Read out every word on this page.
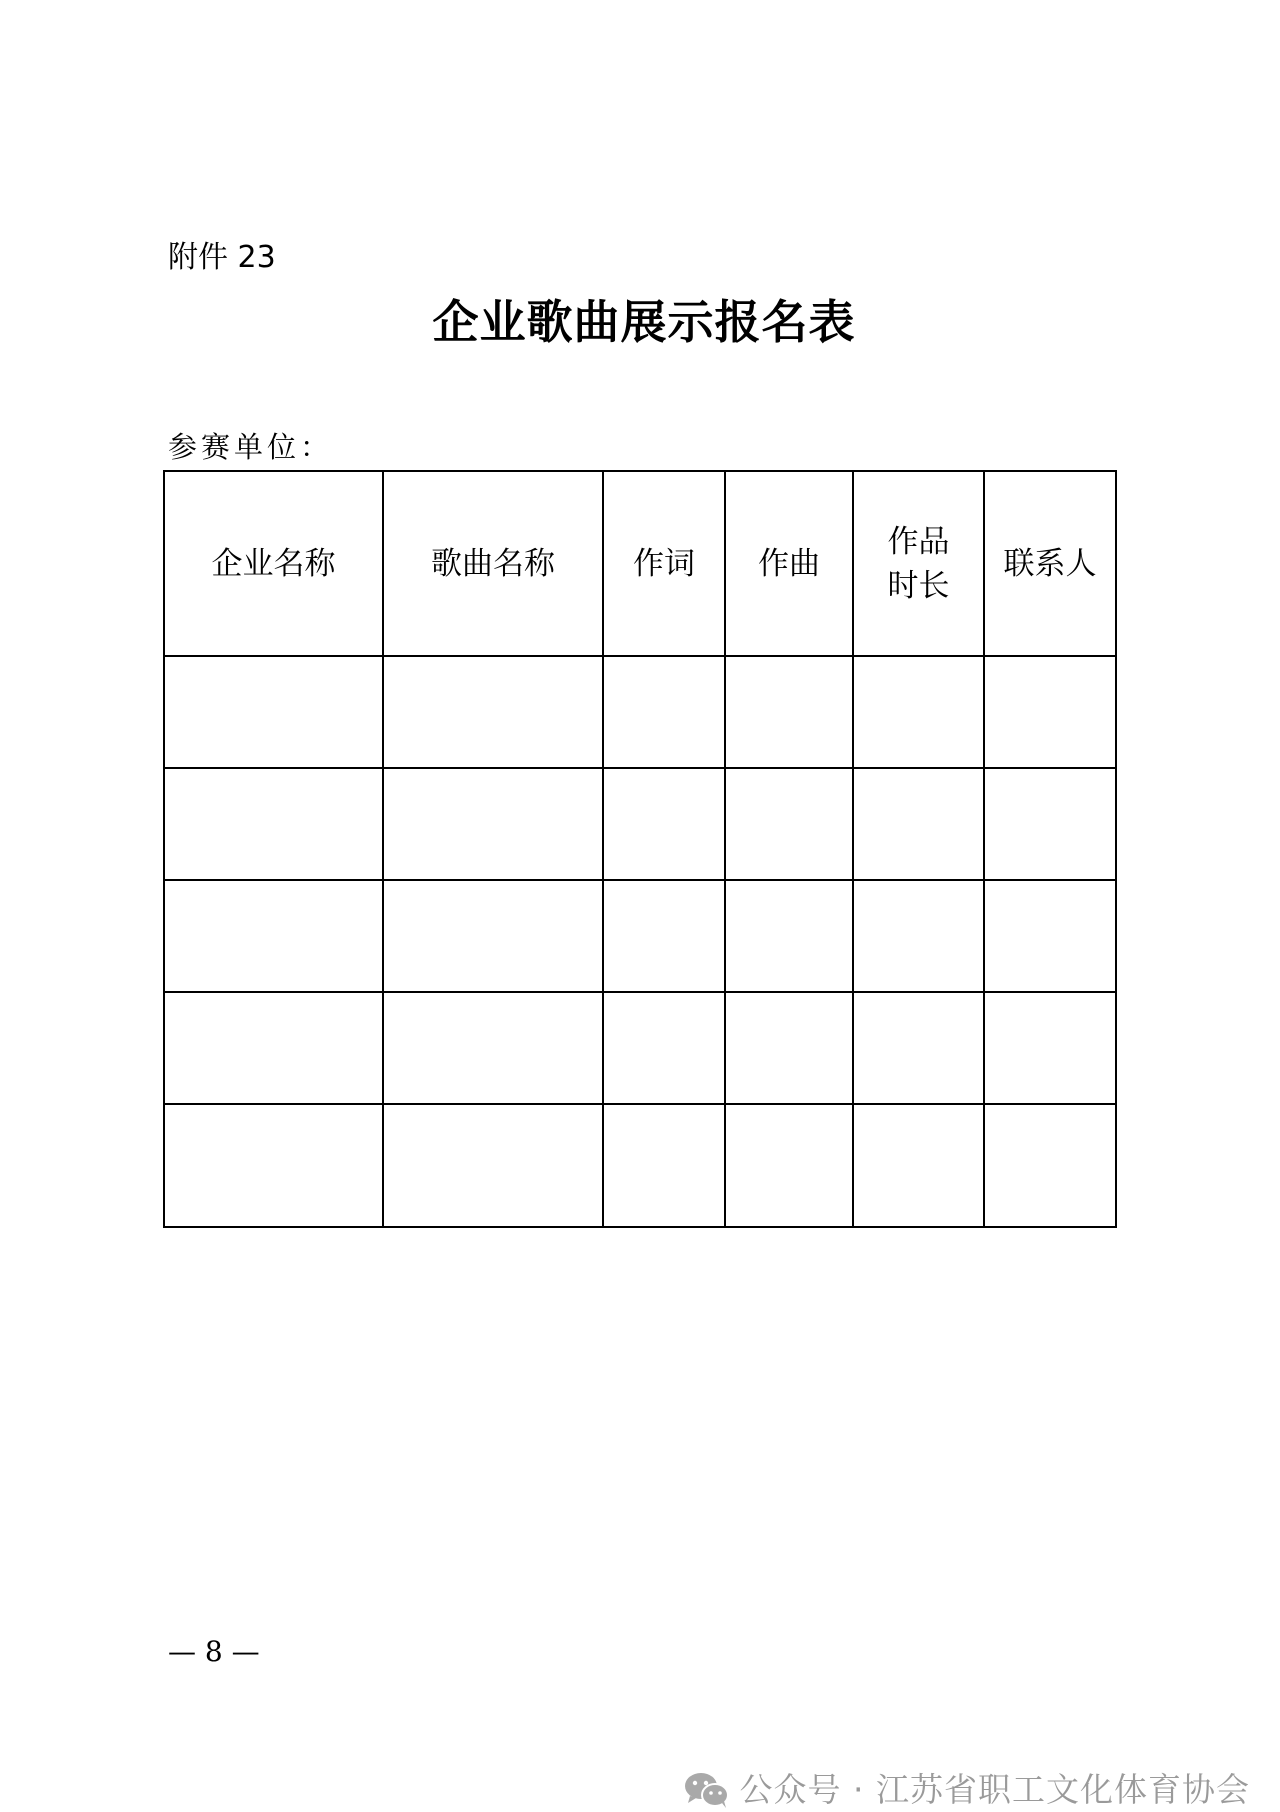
附件 23
企业歌曲展示报名表
参赛单位：
企业名称	歌曲名称	作词	作曲	作品时长	联系人

— 8 —
公众号 · 江苏省职工文化体育协会
